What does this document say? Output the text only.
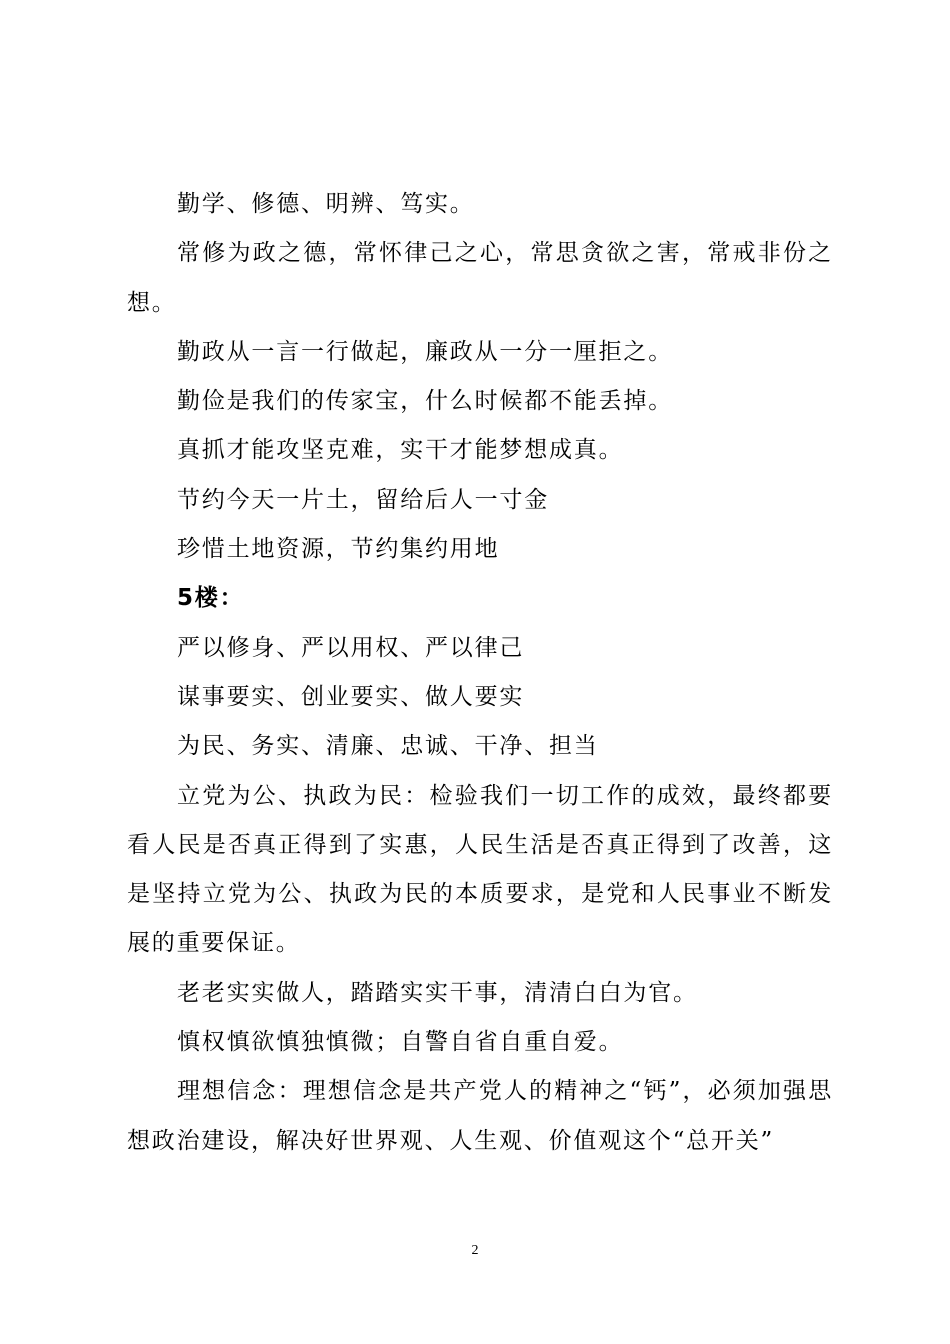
勤学、修德、明辨、笃实。

常修为政之德，常怀律己之心，常思贪欲之害，常戒非份之想。

勤政从一言一行做起，廉政从一分一厘拒之。

勤俭是我们的传家宝，什么时候都不能丢掉。

真抓才能攻坚克难，实干才能梦想成真。

节约今天一片土，留给后人一寸金

珍惜土地资源，节约集约用地

5楼：

严以修身、严以用权、严以律己

谋事要实、创业要实、做人要实

为民、务实、清廉、忠诚、干净、担当

立党为公、执政为民：检验我们一切工作的成效，最终都要看人民是否真正得到了实惠，人民生活是否真正得到了改善，这是坚持立党为公、执政为民的本质要求，是党和人民事业不断发展的重要保证。

老老实实做人，踏踏实实干事，清清白白为官。

慎权慎欲慎独慎微；自警自省自重自爱。

理想信念：理想信念是共产党人的精神之“钙”，必须加强思想政治建设，解决好世界观、人生观、价值观这个“总开关”

2
